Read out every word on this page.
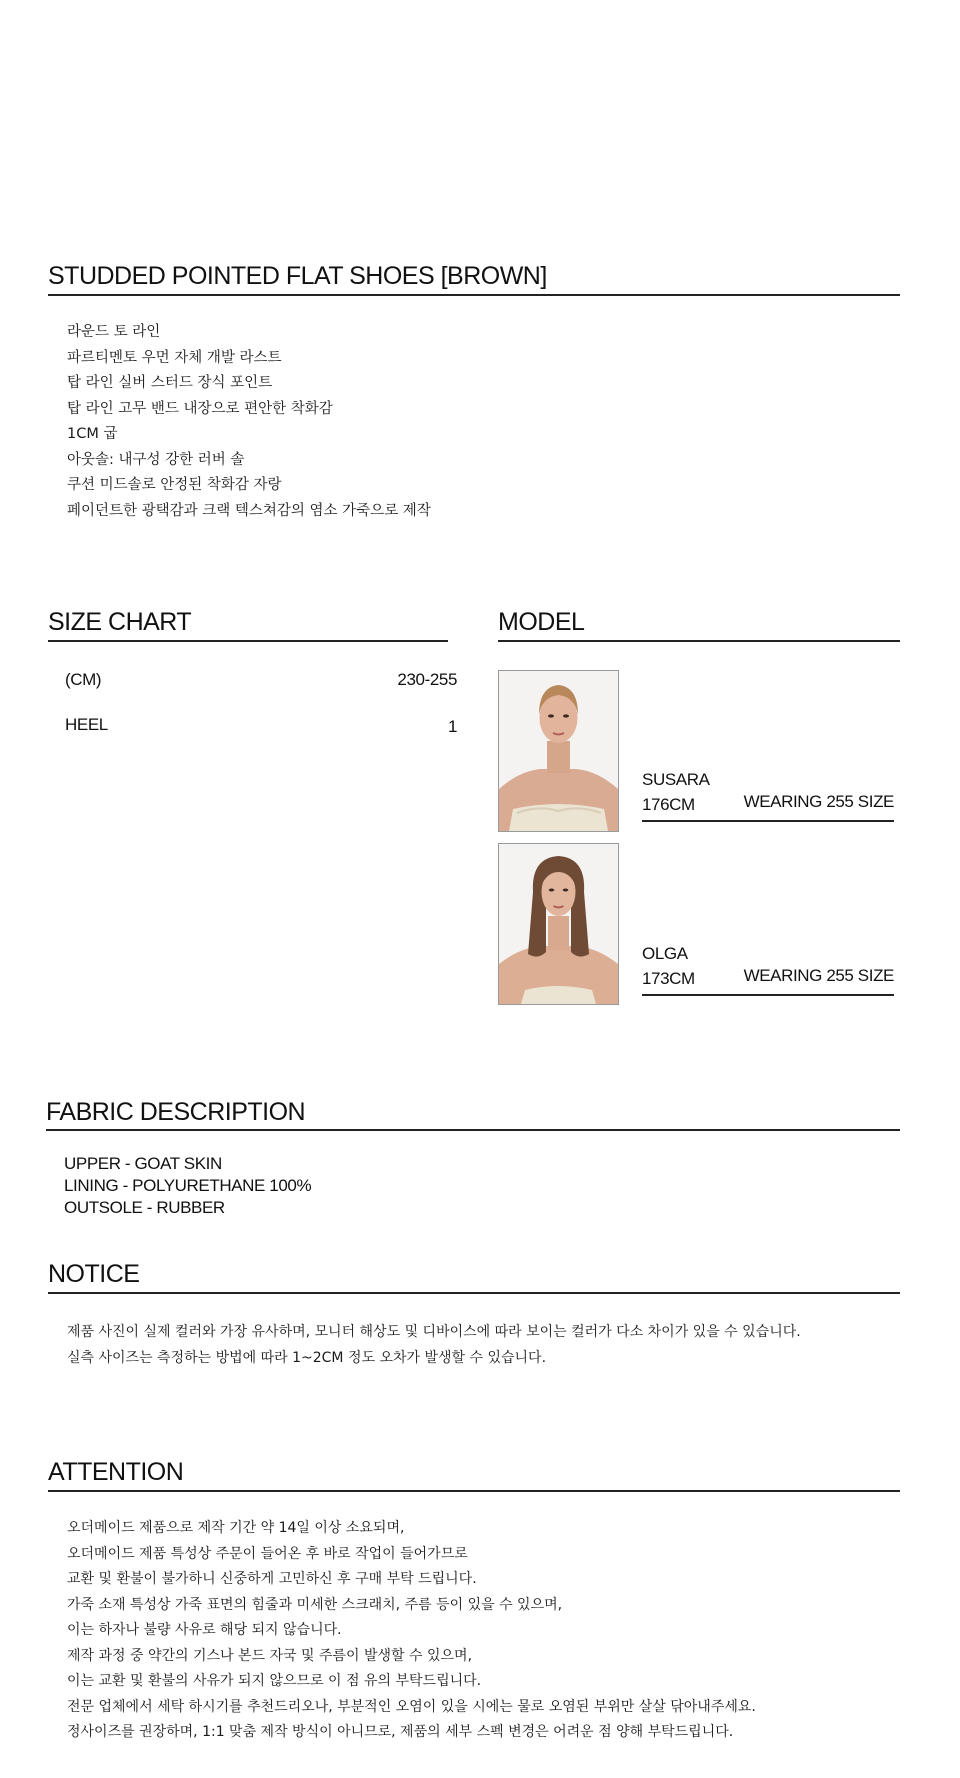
STUDDED POINTED FLAT SHOES [BROWN]
라운드 토 라인
파르티멘토 우먼 자체 개발 라스트
탑 라인 실버 스터드 장식 포인트
탑 라인 고무 밴드 내장으로 편안한 착화감
1CM 굽
아웃솔: 내구성 강한 러버 솔
쿠션 미드솔로 안정된 착화감 자랑
페이던트한 광택감과 크랙 텍스쳐감의 염소 가죽으로 제작
SIZE CHART
(CM)	230-255
HEEL	1
MODEL
SUSARA
176CM	WEARING 255 SIZE
OLGA
173CM	WEARING 255 SIZE
FABRIC DESCRIPTION
UPPER - GOAT SKIN
LINING - POLYURETHANE 100%
OUTSOLE - RUBBER
NOTICE
제품 사진이 실제 컬러와 가장 유사하며, 모니터 해상도 및 디바이스에 따라 보이는 컬러가 다소 차이가 있을 수 있습니다.
실측 사이즈는 측정하는 방법에 따라 1~2CM 정도 오차가 발생할 수 있습니다.
ATTENTION
오더메이드 제품으로 제작 기간 약 14일 이상 소요되며,
오더메이드 제품 특성상 주문이 들어온 후 바로 작업이 들어가므로
교환 및 환불이 불가하니 신중하게 고민하신 후 구매 부탁 드립니다.
가죽 소재 특성상 가죽 표면의 힘줄과 미세한 스크래치, 주름 등이 있을 수 있으며,
이는 하자나 불량 사유로 해당 되지 않습니다.
제작 과정 중 약간의 기스나 본드 자국 및 주름이 발생할 수 있으며,
이는 교환 및 환불의 사유가 되지 않으므로 이 점 유의 부탁드립니다.
전문 업체에서 세탁 하시기를 추천드리오나, 부분적인 오염이 있을 시에는 물로 오염된 부위만 살살 닦아내주세요.
정사이즈를 권장하며, 1:1 맞춤 제작 방식이 아니므로, 제품의 세부 스펙 변경은 어려운 점 양해 부탁드립니다.
